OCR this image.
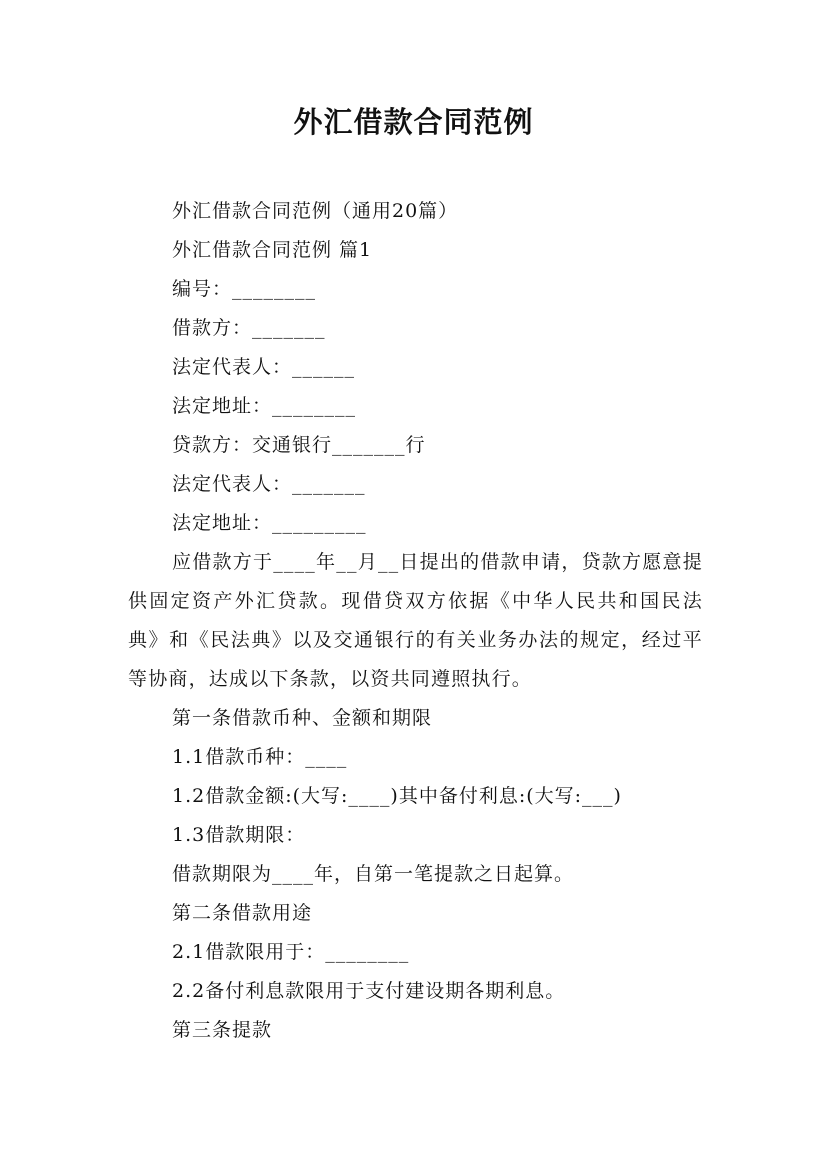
外汇借款合同范例
外汇借款合同范例（通用20篇）
外汇借款合同范例 篇1
编号：________
借款方：_______
法定代表人：______
法定地址：________
贷款方：交通银行_______行
法定代表人：_______
法定地址：_________
应借款方于____年__月__日提出的借款申请，贷款方愿意提供固定资产外汇贷款。现借贷双方依据《中华人民共和国民法典》和《民法典》以及交通银行的有关业务办法的规定，经过平等协商，达成以下条款，以资共同遵照执行。
第一条借款币种、金额和期限
1.1借款币种：____
1.2借款金额:(大写:____)其中备付利息:(大写:___)
1.3借款期限：
借款期限为____年，自第一笔提款之日起算。
第二条借款用途
2.1借款限用于：________
2.2备付利息款限用于支付建设期各期利息。
第三条提款
